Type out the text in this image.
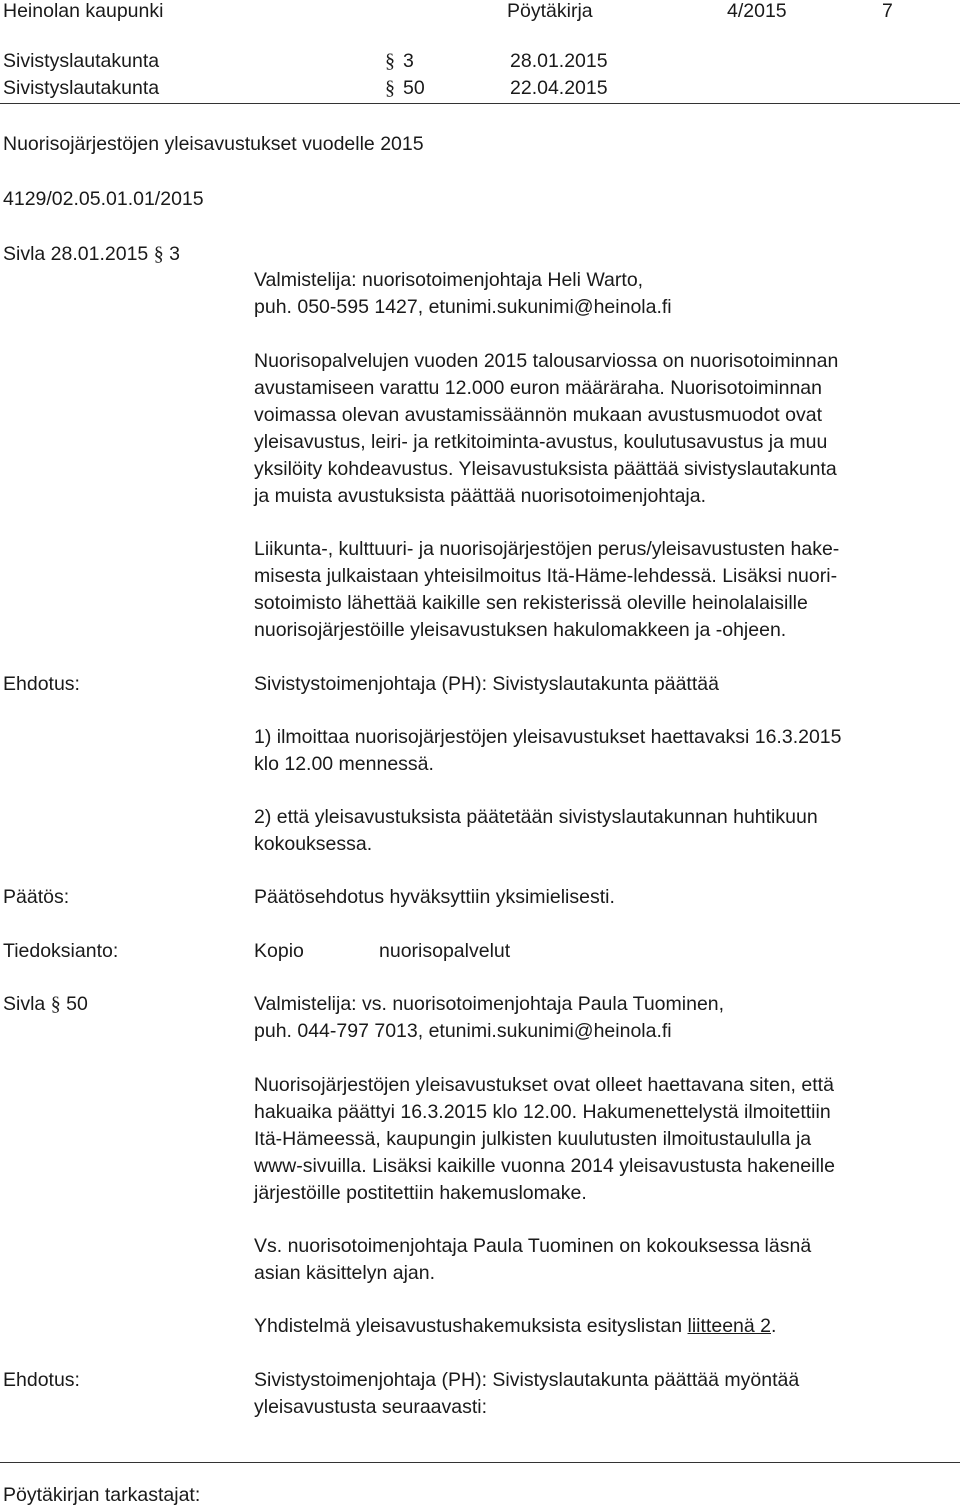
Heinolan kaupunki	Pöytäkirja	4/2015	7
Sivistyslautakunta	§ 3	28.01.2015
Sivistyslautakunta	§ 50	22.04.2015
Nuorisojärjestöjen yleisavustukset vuodelle 2015
4129/02.05.01.01/2015
Sivla 28.01.2015 § 3
Valmistelija: nuorisotoimenjohtaja Heli Warto,
puh. 050-595 1427, etunimi.sukunimi@heinola.fi
Nuorisopalvelujen vuoden 2015 talousarviossa on nuorisotoiminnan
avustamiseen varattu 12.000 euron määräraha. Nuorisotoiminnan
voimassa olevan avustamissäännön mukaan avustusmuodot ovat
yleisavustus, leiri- ja retkitoiminta-avustus, koulutusavustus ja muu
yksilöity kohdeavustus. Yleisavustuksista päättää sivistyslautakunta
ja muista avustuksista päättää nuorisotoimenjohtaja.
Liikunta-, kulttuuri- ja nuorisojärjestöjen perus/yleisavustusten hake-
misesta julkaistaan yhteisilmoitus Itä-Häme-lehdessä. Lisäksi nuori-
sotoimisto lähettää kaikille sen rekisterissä oleville heinolalaisille
nuorisojärjestöille yleisavustuksen hakulomakkeen ja -ohjeen.
Ehdotus:	Sivistystoimenjohtaja (PH): Sivistyslautakunta päättää
1) ilmoittaa nuorisojärjestöjen yleisavustukset haettavaksi 16.3.2015
klo 12.00 mennessä.
2) että yleisavustuksista päätetään sivistyslautakunnan huhtikuun
kokouksessa.
Päätös:	Päätösehdotus hyväksyttiin yksimielisesti.
Tiedoksianto:	Kopio	nuorisopalvelut
Sivla § 50	Valmistelija: vs. nuorisotoimenjohtaja Paula Tuominen,
puh. 044-797 7013, etunimi.sukunimi@heinola.fi
Nuorisojärjestöjen yleisavustukset ovat olleet haettavana siten, että
hakuaika päättyi 16.3.2015 klo 12.00. Hakumenettelystä ilmoitettiin
Itä-Hämeessä, kaupungin julkisten kuulutusten ilmoitustaululla ja
www-sivuilla. Lisäksi kaikille vuonna 2014 yleisavustusta hakeneille
järjestöille postitettiin hakemuslomake.
Vs. nuorisotoimenjohtaja Paula Tuominen on kokouksessa läsnä
asian käsittelyn ajan.
Yhdistelmä yleisavustushakemuksista esityslistan liitteenä 2.
Ehdotus:	Sivistystoimenjohtaja (PH): Sivistyslautakunta päättää myöntää
yleisavustusta seuraavasti:
Pöytäkirjan tarkastajat:
